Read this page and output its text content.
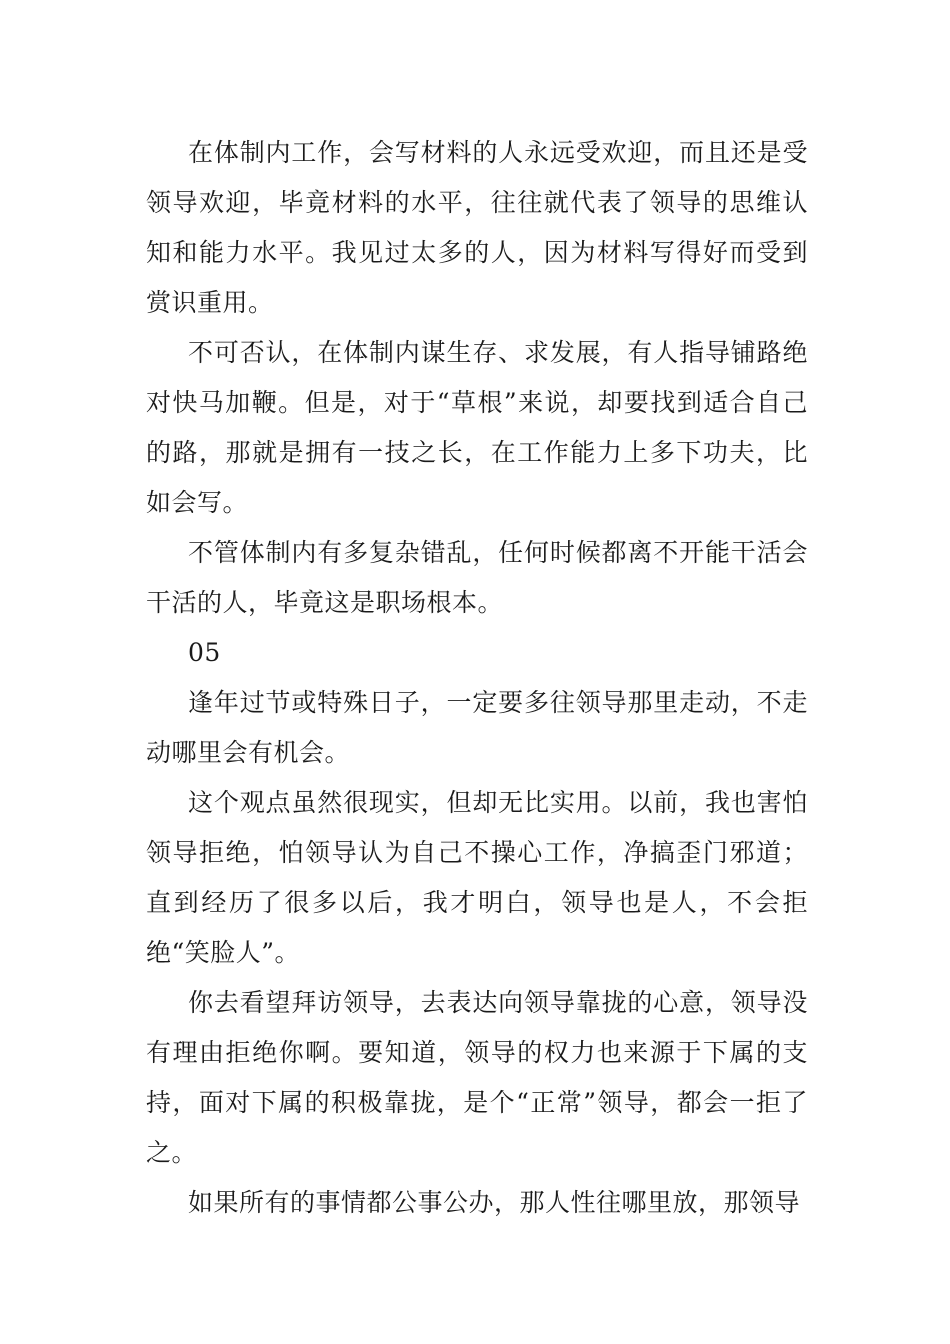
在体制内工作，会写材料的人永远受欢迎，而且还是受领导欢迎，毕竟材料的水平，往往就代表了领导的思维认知和能力水平。我见过太多的人，因为材料写得好而受到赏识重用。

不可否认，在体制内谋生存、求发展，有人指导铺路绝对快马加鞭。但是，对于“草根”来说，却要找到适合自己的路，那就是拥有一技之长，在工作能力上多下功夫，比如会写。

不管体制内有多复杂错乱，任何时候都离不开能干活会干活的人，毕竟这是职场根本。

05

逢年过节或特殊日子，一定要多往领导那里走动，不走动哪里会有机会。

这个观点虽然很现实，但却无比实用。以前，我也害怕领导拒绝，怕领导认为自己不操心工作，净搞歪门邪道；直到经历了很多以后，我才明白，领导也是人，不会拒绝“笑脸人”。

你去看望拜访领导，去表达向领导靠拢的心意，领导没有理由拒绝你啊。要知道，领导的权力也来源于下属的支持，面对下属的积极靠拢，是个“正常”领导，都会一拒了之。

如果所有的事情都公事公办，那人性往哪里放，那领导
